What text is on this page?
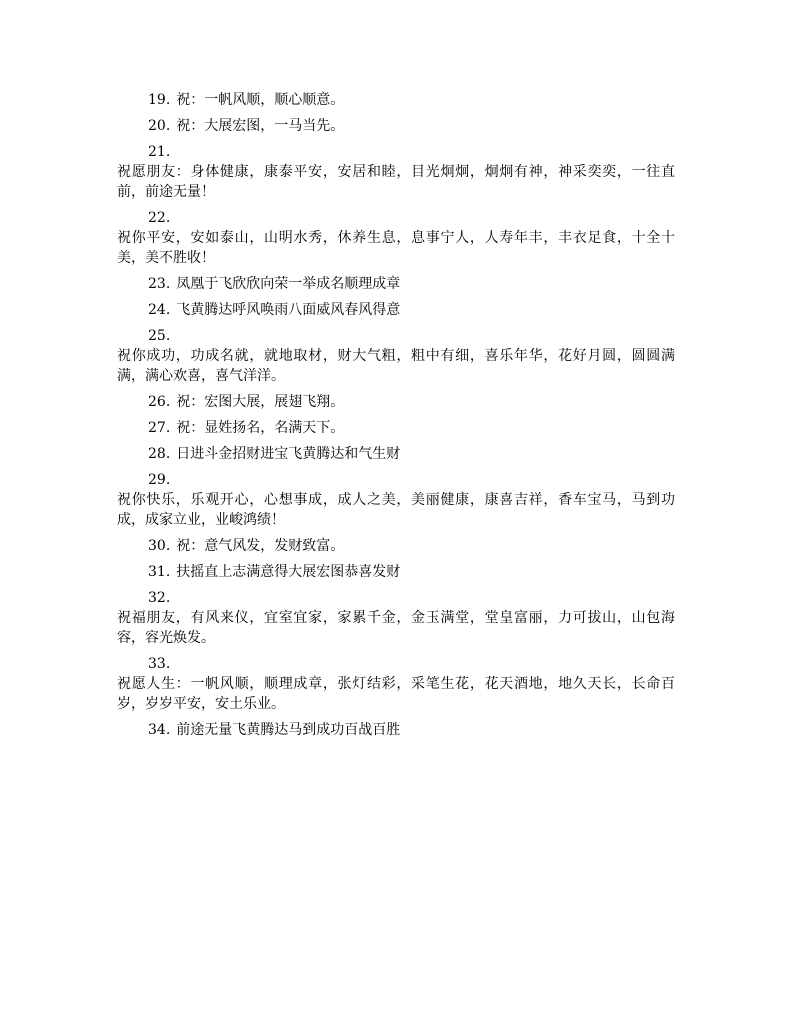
19. 祝：一帆风顺，顺心顺意。
20. 祝：大展宏图，一马当先。
21.
祝愿朋友：身体健康，康泰平安，安居和睦，目光炯炯，炯炯有神，神采奕奕，一往直前，前途无量！
22.
祝你平安，安如泰山，山明水秀，休养生息，息事宁人，人寿年丰，丰衣足食，十全十美，美不胜收！
23. 凤凰于飞欣欣向荣一举成名顺理成章
24. 飞黄腾达呼风唤雨八面威风春风得意
25.
祝你成功，功成名就，就地取材，财大气粗，粗中有细，喜乐年华，花好月圆，圆圆满满，满心欢喜，喜气洋洋。
26. 祝：宏图大展，展翅飞翔。
27. 祝：显姓扬名，名满天下。
28. 日进斗金招财进宝飞黄腾达和气生财
29.
祝你快乐，乐观开心，心想事成，成人之美，美丽健康，康喜吉祥，香车宝马，马到功成，成家立业，业峻鸿绩！
30. 祝：意气风发，发财致富。
31. 扶摇直上志满意得大展宏图恭喜发财
32.
祝福朋友，有风来仪，宜室宜家，家累千金，金玉满堂，堂皇富丽，力可拔山，山包海容，容光焕发。
33.
祝愿人生：一帆风顺，顺理成章，张灯结彩，采笔生花，花天酒地，地久天长，长命百岁，岁岁平安，安土乐业。
34. 前途无量飞黄腾达马到成功百战百胜
